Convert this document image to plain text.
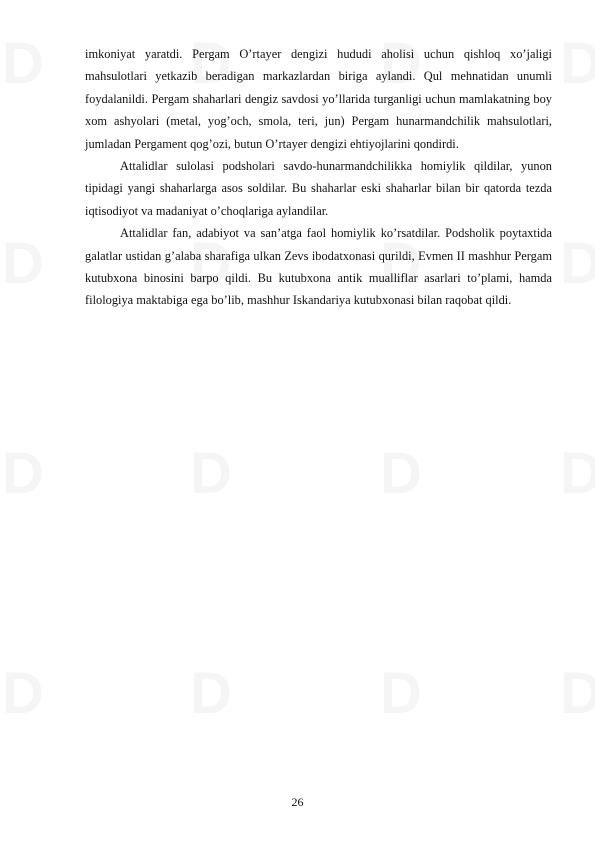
imkoniyat yaratdi. Pergam O’rtayer dengizi hududi aholisi uchun qishloq xo’jaligi mahsulotlari yetkazib beradigan markazlardan biriga aylandi. Qul mehnatidan unumli foydalanildi. Pergam shaharlari dengiz savdosi yo’llarida turganligi uchun mamlakatning boy xom ashyolari (metal, yog’och, smola, teri, jun) Pergam hunarmandchilik mahsulotlari, jumladan Pergament qog’ozi, butun O’rtayer dengizi ehtiyojlarini qondirdi.

Attalidlar sulolasi podsholari savdo-hunarmandchilikka homiylik qildilar, yunon tipidagi yangi shaharlarga asos soldilar. Bu shaharlar eski shaharlar bilan bir qatorda tezda iqtisodiyot va madaniyat o’choqlariga aylandilar.

Attalidlar fan, adabiyot va san’atga faol homiylik ko’rsatdilar. Podsholik poytaxtida galatlar ustidan g’alaba sharafiga ulkan Zevs ibodatxonasi qurildi, Evmen II mashhur Pergam kutubxona binosini barpo qildi. Bu kutubxona antik mualliflar asarlari to’plami, hamda filologiya maktabiga ega bo’lib, mashhur Iskandariya kutubxonasi bilan raqobat qildi.

26
